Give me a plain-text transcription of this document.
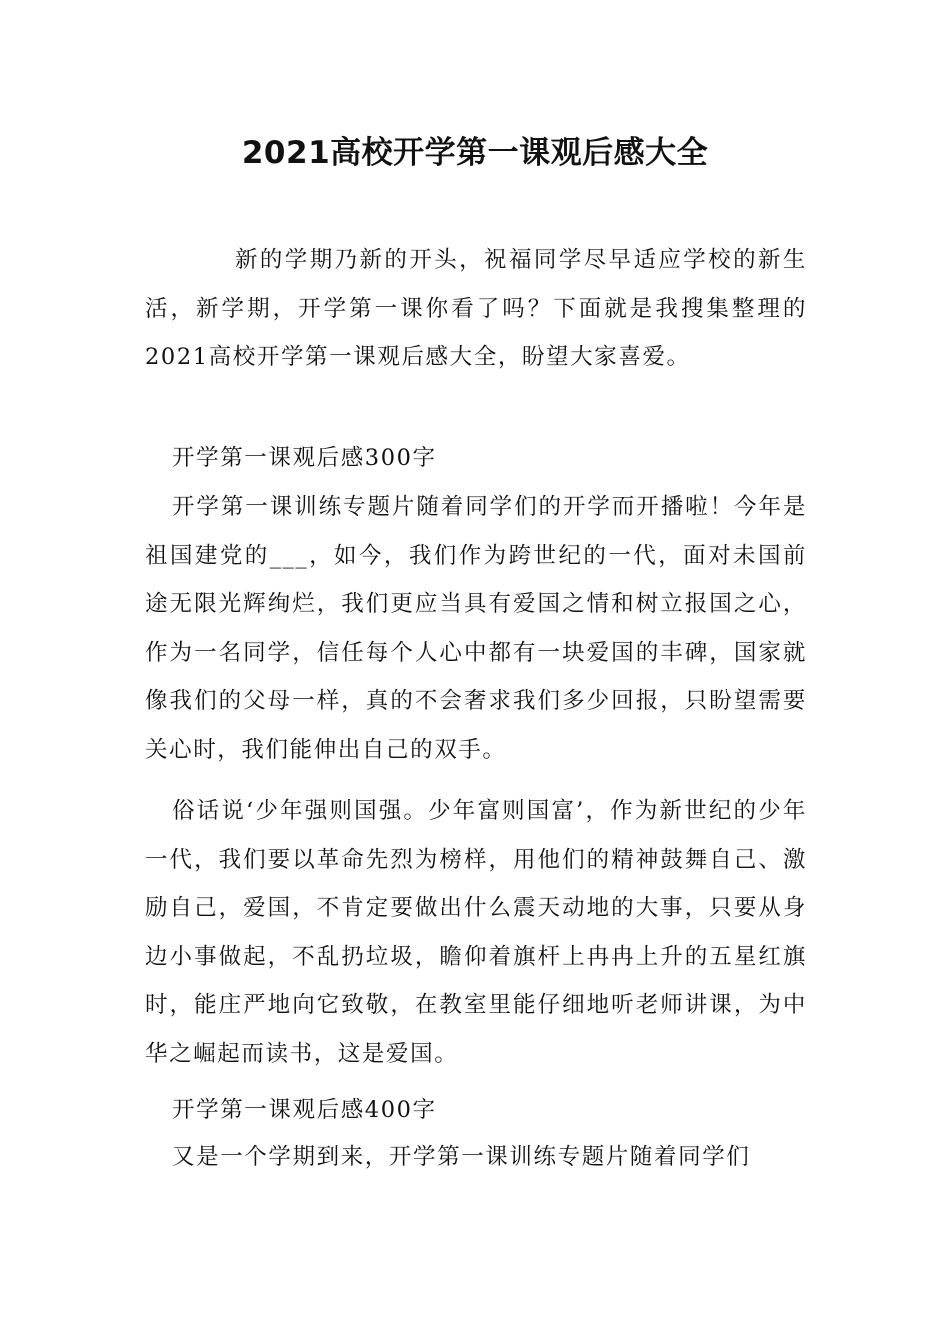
2021高校开学第一课观后感大全
新的学期乃新的开头，祝福同学尽早适应学校的新生活，新学期，开学第一课你看了吗？下面就是我搜集整理的2021高校开学第一课观后感大全，盼望大家喜爱。
开学第一课观后感300字
开学第一课训练专题片随着同学们的开学而开播啦！今年是祖国建党的___，如今，我们作为跨世纪的一代，面对未国前途无限光辉绚烂，我们更应当具有爱国之情和树立报国之心，作为一名同学，信任每个人心中都有一块爱国的丰碑，国家就像我们的父母一样，真的不会奢求我们多少回报，只盼望需要关心时，我们能伸出自己的双手。
俗话说‘少年强则国强。少年富则国富’，作为新世纪的少年一代，我们要以革命先烈为榜样，用他们的精神鼓舞自己、激励自己，爱国，不肯定要做出什么震天动地的大事，只要从身边小事做起，不乱扔垃圾，瞻仰着旗杆上冉冉上升的五星红旗时，能庄严地向它致敬，在教室里能仔细地听老师讲课，为中华之崛起而读书，这是爱国。
开学第一课观后感400字
又是一个学期到来，开学第一课训练专题片随着同学们
